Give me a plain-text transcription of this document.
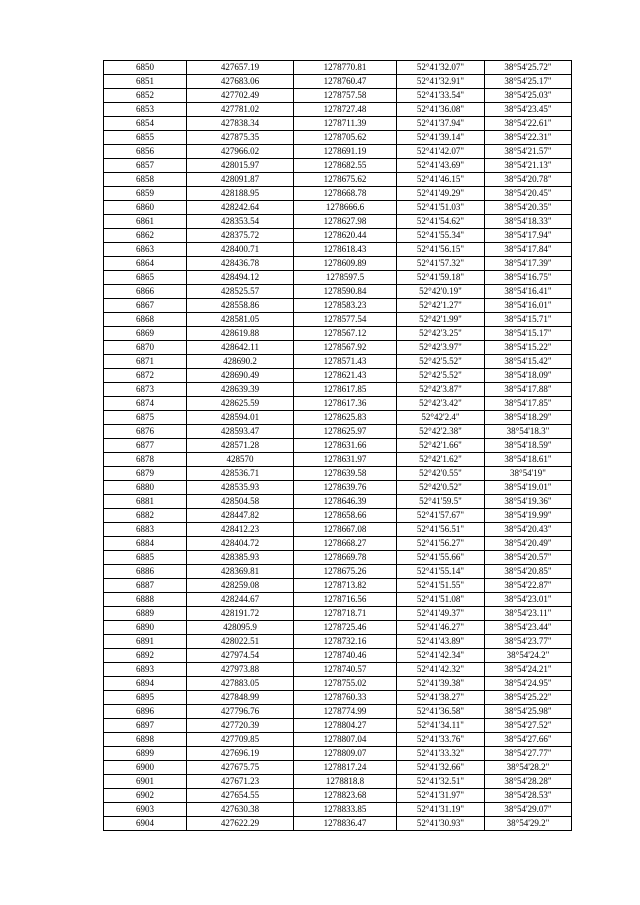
6850	427657.19	1278770.81	52°41'32.07"	38°54'25.72"
6851	427683.06	1278760.47	52°41'32.91"	38°54'25.17"
6852	427702.49	1278757.58	52°41'33.54"	38°54'25.03"
6853	427781.02	1278727.48	52°41'36.08"	38°54'23.45"
6854	427838.34	1278711.39	52°41'37.94"	38°54'22.61"
6855	427875.35	1278705.62	52°41'39.14"	38°54'22.31"
6856	427966.02	1278691.19	52°41'42.07"	38°54'21.57"
6857	428015.97	1278682.55	52°41'43.69"	38°54'21.13"
6858	428091.87	1278675.62	52°41'46.15"	38°54'20.78"
6859	428188.95	1278668.78	52°41'49.29"	38°54'20.45"
6860	428242.64	1278666.6	52°41'51.03"	38°54'20.35"
6861	428353.54	1278627.98	52°41'54.62"	38°54'18.33"
6862	428375.72	1278620.44	52°41'55.34"	38°54'17.94"
6863	428400.71	1278618.43	52°41'56.15"	38°54'17.84"
6864	428436.78	1278609.89	52°41'57.32"	38°54'17.39"
6865	428494.12	1278597.5	52°41'59.18"	38°54'16.75"
6866	428525.57	1278590.84	52°42'0.19"	38°54'16.41"
6867	428558.86	1278583.23	52°42'1.27"	38°54'16.01"
6868	428581.05	1278577.54	52°42'1.99"	38°54'15.71"
6869	428619.88	1278567.12	52°42'3.25"	38°54'15.17"
6870	428642.11	1278567.92	52°42'3.97"	38°54'15.22"
6871	428690.2	1278571.43	52°42'5.52"	38°54'15.42"
6872	428690.49	1278621.43	52°42'5.52"	38°54'18.09"
6873	428639.39	1278617.85	52°42'3.87"	38°54'17.88"
6874	428625.59	1278617.36	52°42'3.42"	38°54'17.85"
6875	428594.01	1278625.83	52°42'2.4"	38°54'18.29"
6876	428593.47	1278625.97	52°42'2.38"	38°54'18.3"
6877	428571.28	1278631.66	52°42'1.66"	38°54'18.59"
6878	428570	1278631.97	52°42'1.62"	38°54'18.61"
6879	428536.71	1278639.58	52°42'0.55"	38°54'19"
6880	428535.93	1278639.76	52°42'0.52"	38°54'19.01"
6881	428504.58	1278646.39	52°41'59.5"	38°54'19.36"
6882	428447.82	1278658.66	52°41'57.67"	38°54'19.99"
6883	428412.23	1278667.08	52°41'56.51"	38°54'20.43"
6884	428404.72	1278668.27	52°41'56.27"	38°54'20.49"
6885	428385.93	1278669.78	52°41'55.66"	38°54'20.57"
6886	428369.81	1278675.26	52°41'55.14"	38°54'20.85"
6887	428259.08	1278713.82	52°41'51.55"	38°54'22.87"
6888	428244.67	1278716.56	52°41'51.08"	38°54'23.01"
6889	428191.72	1278718.71	52°41'49.37"	38°54'23.11"
6890	428095.9	1278725.46	52°41'46.27"	38°54'23.44"
6891	428022.51	1278732.16	52°41'43.89"	38°54'23.77"
6892	427974.54	1278740.46	52°41'42.34"	38°54'24.2"
6893	427973.88	1278740.57	52°41'42.32"	38°54'24.21"
6894	427883.05	1278755.02	52°41'39.38"	38°54'24.95"
6895	427848.99	1278760.33	52°41'38.27"	38°54'25.22"
6896	427796.76	1278774.99	52°41'36.58"	38°54'25.98"
6897	427720.39	1278804.27	52°41'34.11"	38°54'27.52"
6898	427709.85	1278807.04	52°41'33.76"	38°54'27.66"
6899	427696.19	1278809.07	52°41'33.32"	38°54'27.77"
6900	427675.75	1278817.24	52°41'32.66"	38°54'28.2"
6901	427671.23	1278818.8	52°41'32.51"	38°54'28.28"
6902	427654.55	1278823.68	52°41'31.97"	38°54'28.53"
6903	427630.38	1278833.85	52°41'31.19"	38°54'29.07"
6904	427622.29	1278836.47	52°41'30.93"	38°54'29.2"
